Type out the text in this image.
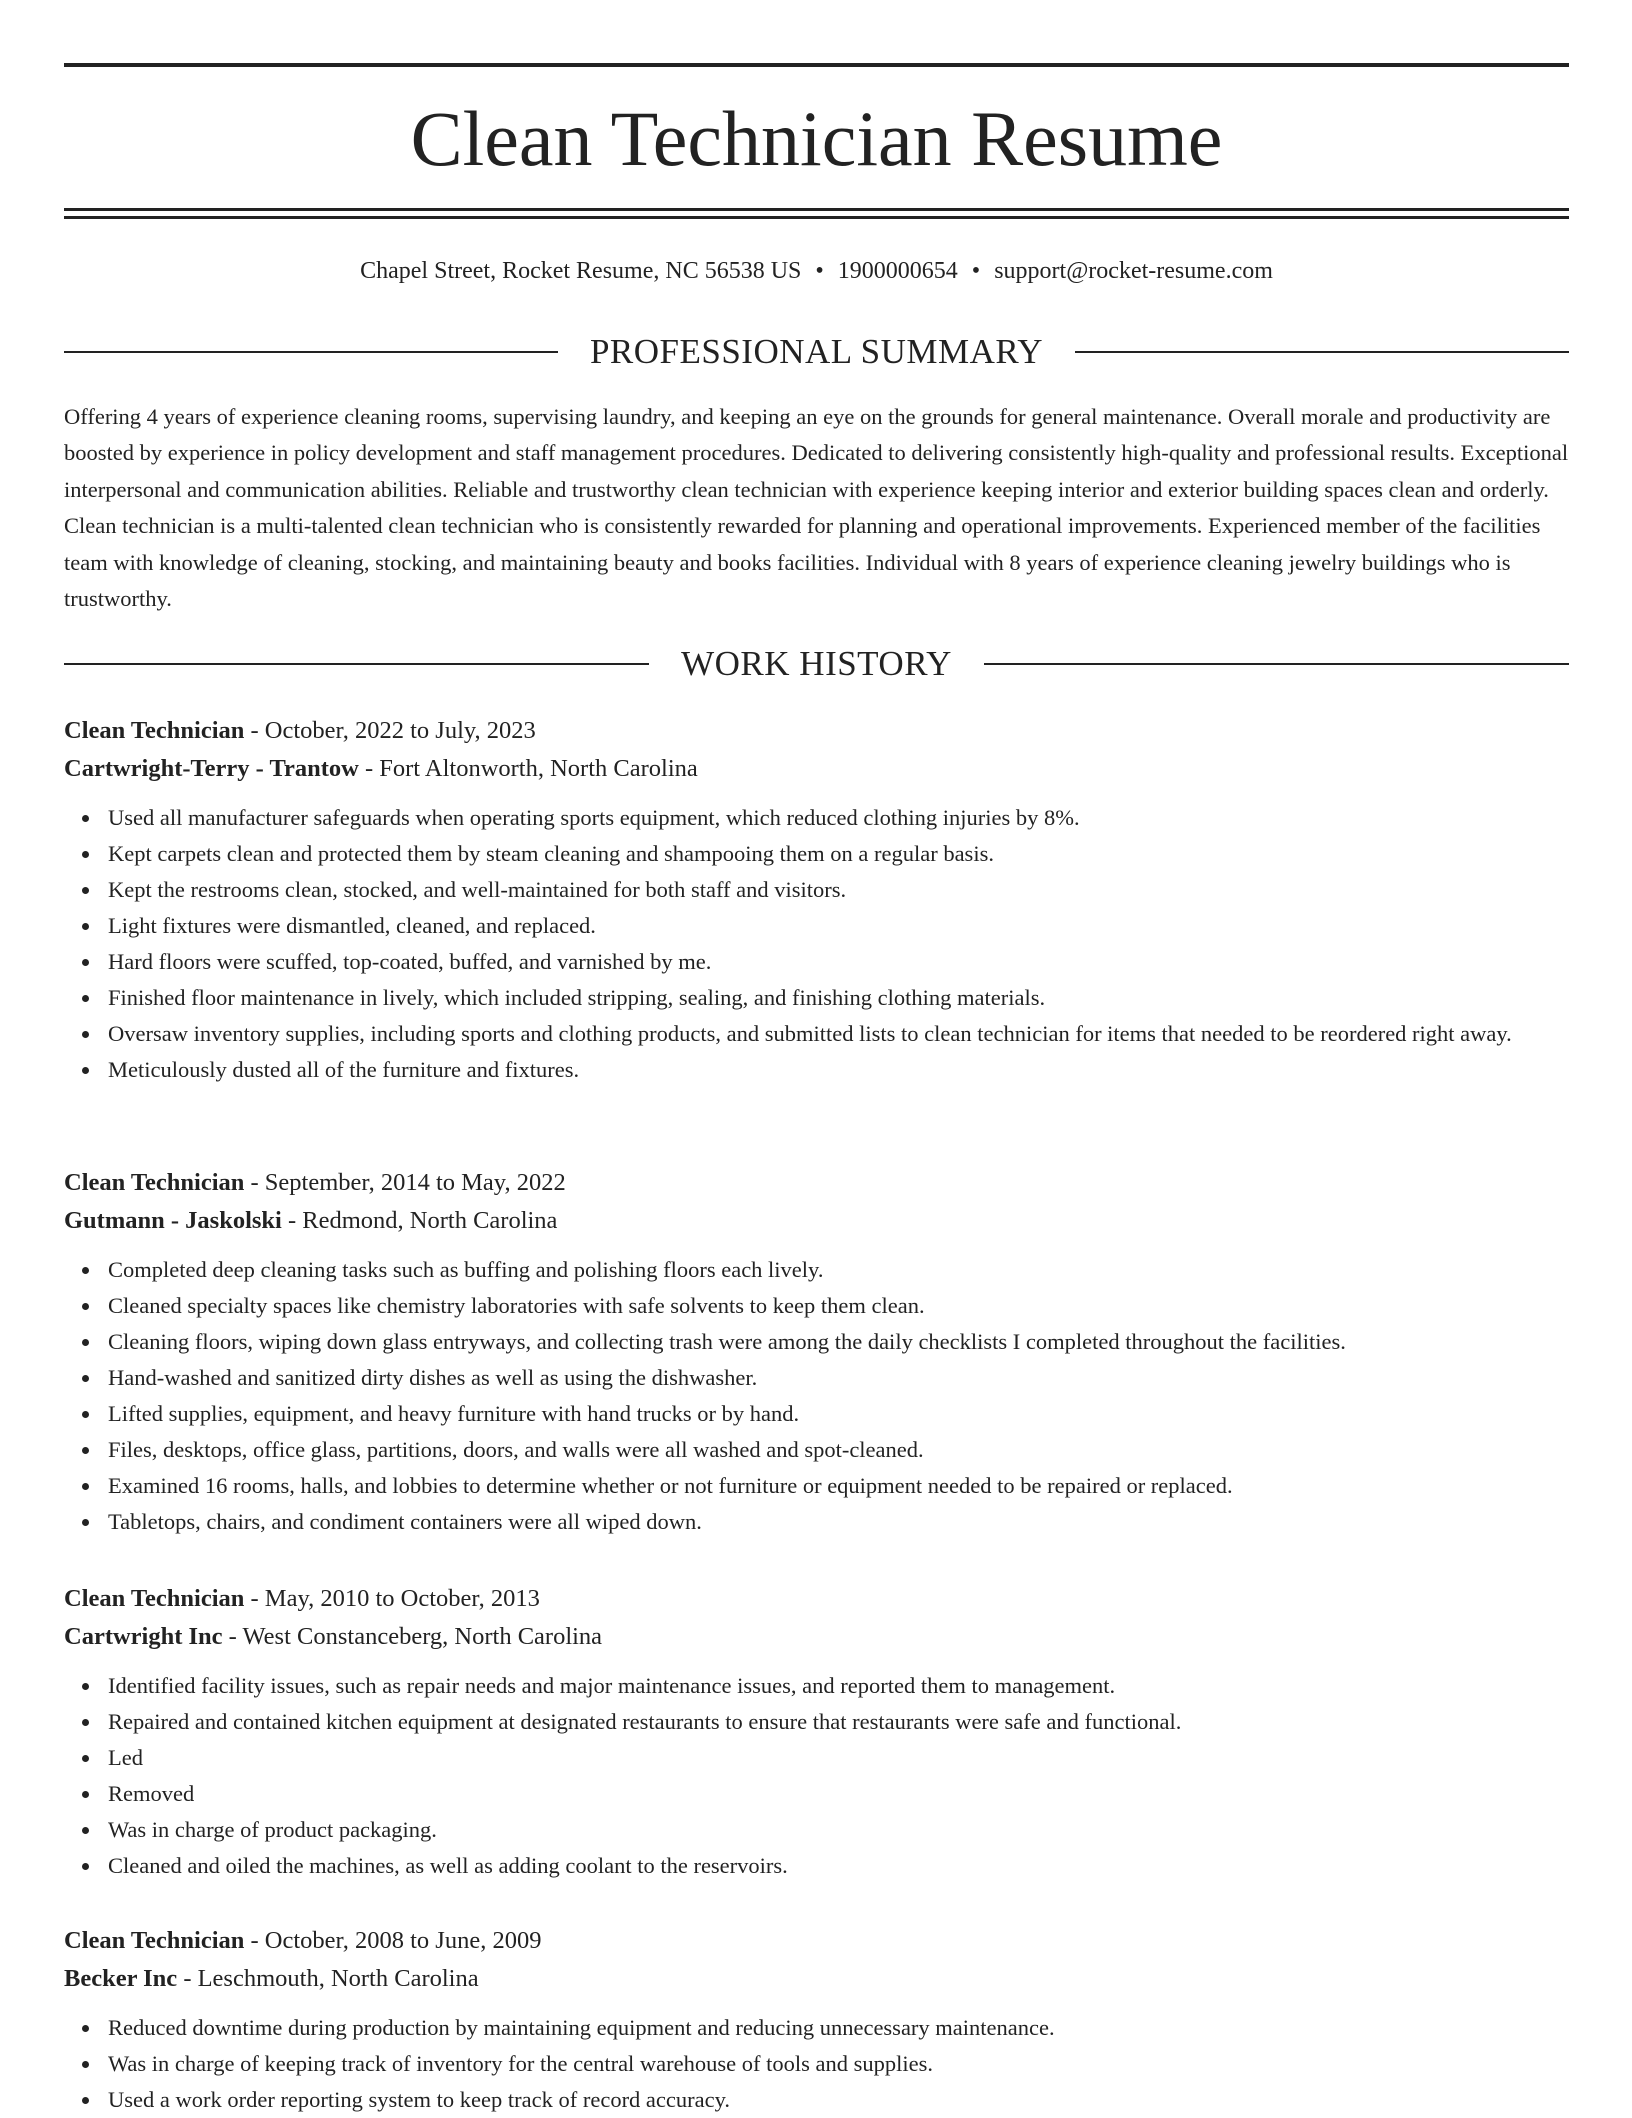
Clean Technician Resume
Chapel Street, Rocket Resume, NC 56538 US • 1900000654 • support@rocket-resume.com
PROFESSIONAL SUMMARY

Offering 4 years of experience cleaning rooms, supervising laundry, and keeping an eye on the grounds for general maintenance. Overall morale and productivity are boosted by experience in policy development and staff management procedures. Dedicated to delivering consistently high-quality and professional results. Exceptional interpersonal and communication abilities. Reliable and trustworthy clean technician with experience keeping interior and exterior building spaces clean and orderly. Clean technician is a multi-talented clean technician who is consistently rewarded for planning and operational improvements. Experienced member of the facilities team with knowledge of cleaning, stocking, and maintaining beauty and books facilities. Individual with 8 years of experience cleaning jewelry buildings who is trustworthy.

WORK HISTORY
Clean Technician - October, 2022 to July, 2023
Cartwright-Terry - Trantow - Fort Altonworth, North Carolina
Used all manufacturer safeguards when operating sports equipment, which reduced clothing injuries by 8%.
Kept carpets clean and protected them by steam cleaning and shampooing them on a regular basis.
Kept the restrooms clean, stocked, and well-maintained for both staff and visitors.
Light fixtures were dismantled, cleaned, and replaced.
Hard floors were scuffed, top-coated, buffed, and varnished by me.
Finished floor maintenance in lively, which included stripping, sealing, and finishing clothing materials.
Oversaw inventory supplies, including sports and clothing products, and submitted lists to clean technician for items that needed to be reordered right away.
Meticulously dusted all of the furniture and fixtures.
Clean Technician - September, 2014 to May, 2022
Gutmann - Jaskolski - Redmond, North Carolina
Completed deep cleaning tasks such as buffing and polishing floors each lively.
Cleaned specialty spaces like chemistry laboratories with safe solvents to keep them clean.
Cleaning floors, wiping down glass entryways, and collecting trash were among the daily checklists I completed throughout the facilities.
Hand-washed and sanitized dirty dishes as well as using the dishwasher.
Lifted supplies, equipment, and heavy furniture with hand trucks or by hand.
Files, desktops, office glass, partitions, doors, and walls were all washed and spot-cleaned.
Examined 16 rooms, halls, and lobbies to determine whether or not furniture or equipment needed to be repaired or replaced.
Tabletops, chairs, and condiment containers were all wiped down.
Clean Technician - May, 2010 to October, 2013
Cartwright Inc - West Constanceberg, North Carolina
Identified facility issues, such as repair needs and major maintenance issues, and reported them to management.
Repaired and contained kitchen equipment at designated restaurants to ensure that restaurants were safe and functional.
Led
Removed
Was in charge of product packaging.
Cleaned and oiled the machines, as well as adding coolant to the reservoirs.
Clean Technician - October, 2008 to June, 2009
Becker Inc - Leschmouth, North Carolina
Reduced downtime during production by maintaining equipment and reducing unnecessary maintenance.
Was in charge of keeping track of inventory for the central warehouse of tools and supplies.
Used a work order reporting system to keep track of record accuracy.
